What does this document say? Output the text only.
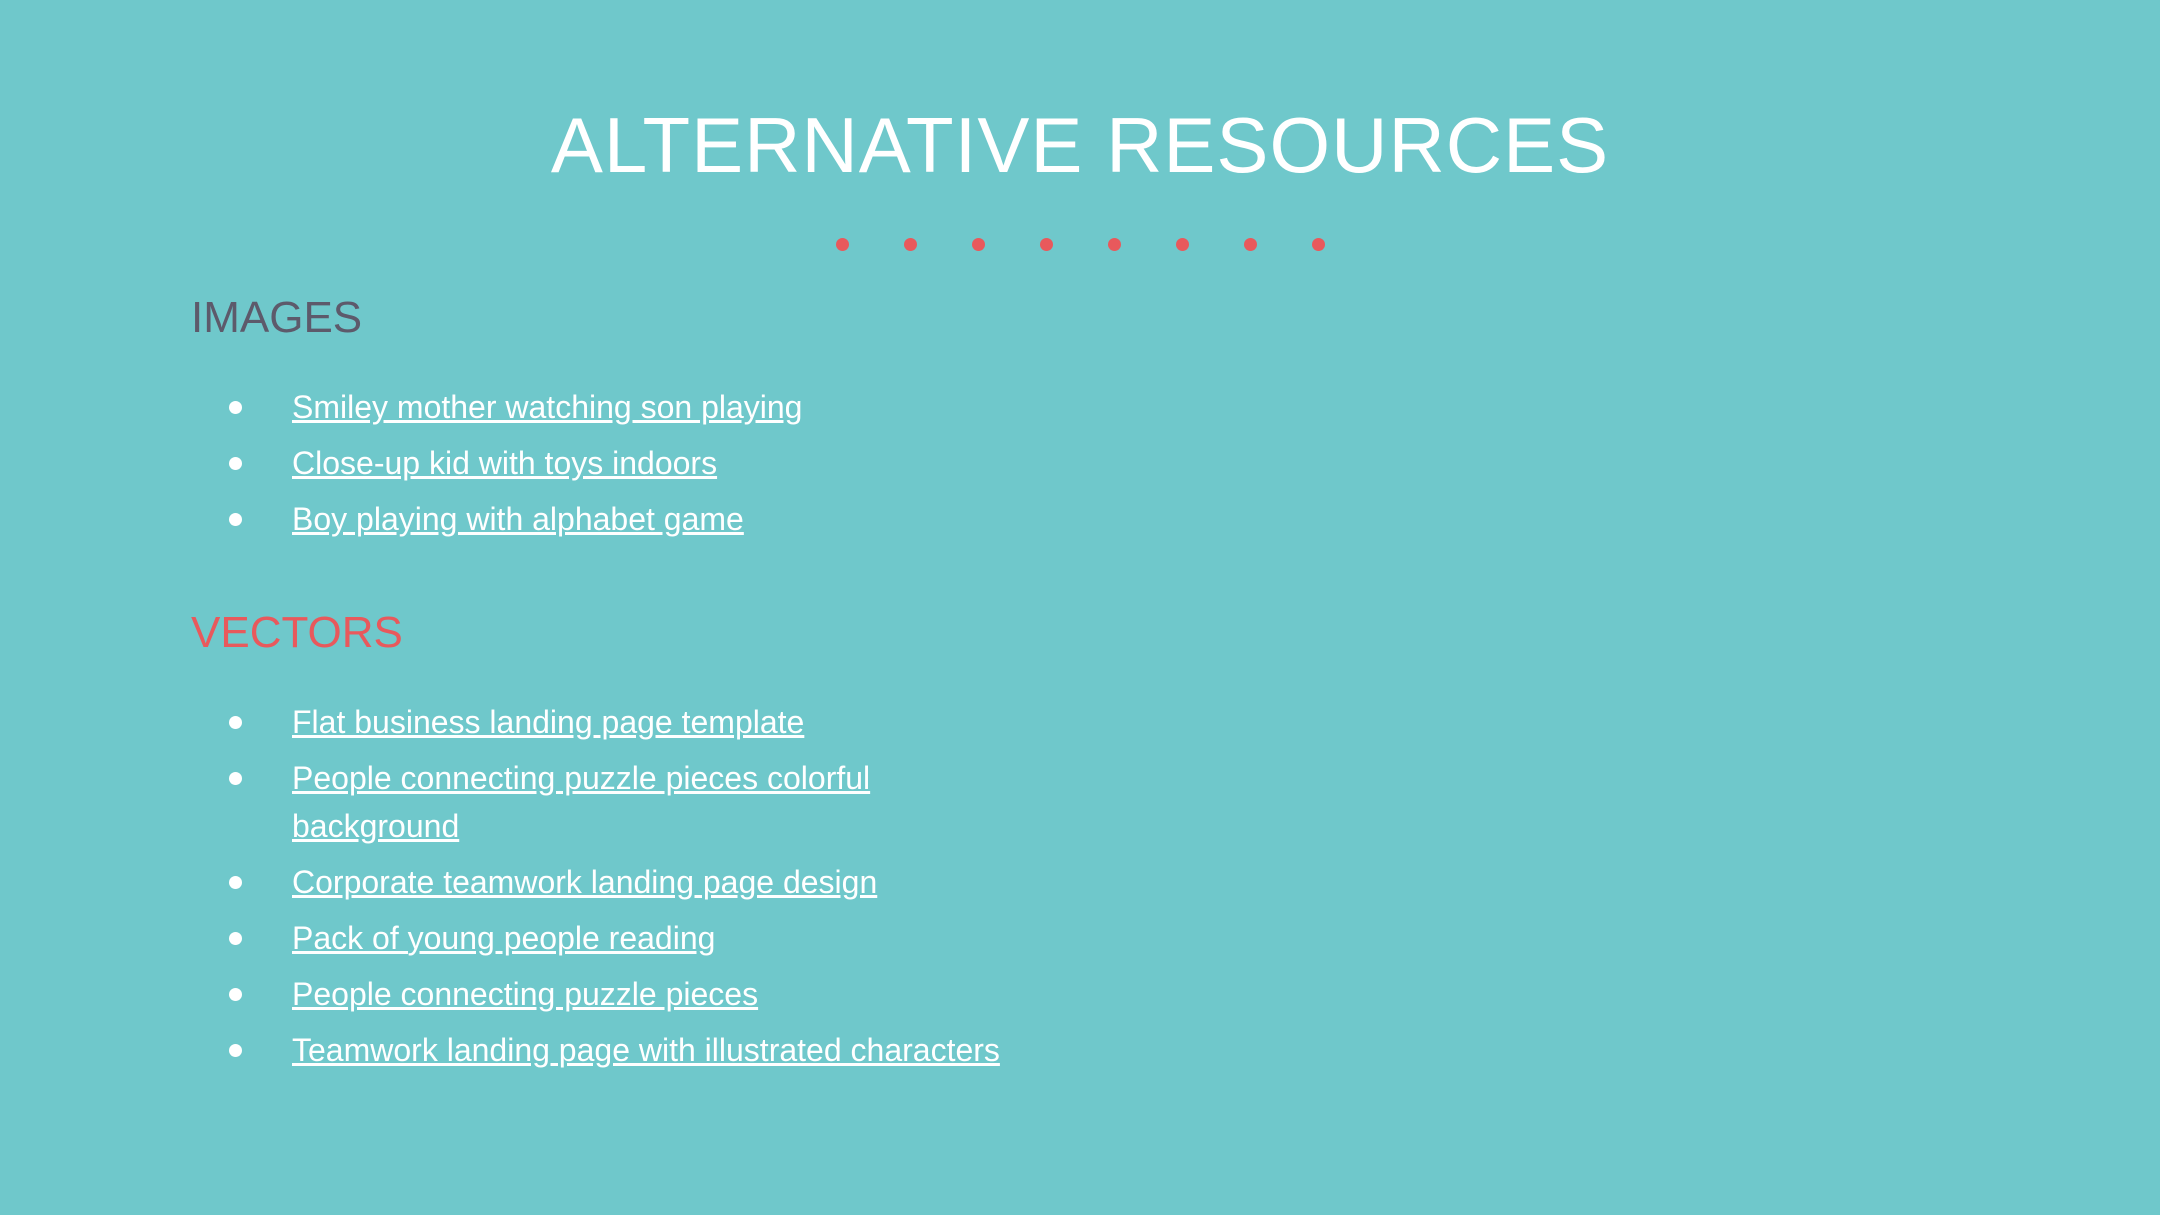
ALTERNATIVE RESOURCES
IMAGES
Smiley mother watching son playing
Close-up kid with toys indoors
Boy playing with alphabet game
VECTORS
Flat business landing page template
People connecting puzzle pieces colorful background
Corporate teamwork landing page design
Pack of young people reading
People connecting puzzle pieces
Teamwork landing page with illustrated characters
